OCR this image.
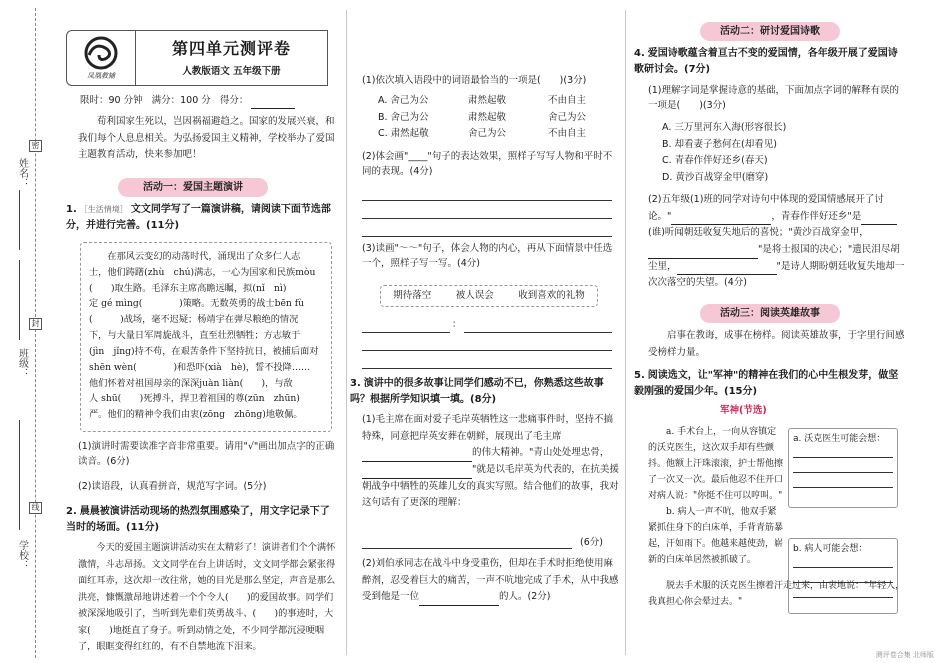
姓名：
班级：
学校：
密
封
线
凤凰教辅
第四单元测评卷
人教版语文 五年级下册
限时：90 分钟 满分：100 分 得分：
荀利国家生死以，岂因祸福避趋之。国家的发展兴衰，和我们每个人息息相关。为弘扬爱国主义精神，学校举办了爱国主题教育活动，快来参加吧！
活动一：爱国主题演讲
1. ［生活情境］ 文文同学写了一篇演讲稿，请阅读下面节选部分，并进行完善。(11分)
在那风云变幻的动荡时代，涌现出了众多仁人志
士，他们踌躇(zhù　chú)满志，一心为国家和民族mòu
(　　)取生路。毛泽东主席高瞻远瞩，拟(nǐ　nì)
定 gé mìng(　　　　)策略。无数英勇的战士bēn fù
(　　　)战场，毫不迟疑；杨靖宇在弹尽粮绝的情况
下，与大量日军周旋战斗，直至壮烈牺牲；方志敏于
(jìn　jǐng)持不苟，在艰苦条件下坚持抗日，被捕后面对
shēn wèn(　　　　)和恐吓(xià　hè)，誓不投降……
他们怀着对祖国母亲的深深juàn liàn(　　)，与敌
人 shū(　　)死搏斗，捍卫着祖国的尊(zūn　zhūn)
严。他们的精神令我们由衷(zōng　zhōng)地敬佩。
(1)演讲时需要读准字音非常重要。请用"√"画出加点字的正确读音。(6分)
(2)读语段，认真看拼音，规范写字词。(5分)
2. 晨晨被演讲活动现场的热烈氛围感染了，用文字记录下了当时的场面。(11分)
今天的爱国主题演讲活动实在太精彩了！演讲者们个个满怀激情，斗志昂扬。文文同学在台上讲话时，文文同学都会紧张得面红耳赤，这次却一改往常，她的目光是那么坚定，声音是那么洪亮，慷慨激昂地讲述着一个个令人(　　)的爱国故事。同学们被深深地吸引了，当听到先辈们英勇战斗、(　　)的事迹时，大家(　　)地挺直了身子。听到动情之处，不少同学都沉浸哽咽了，眼眶变得红红的，有不自禁地流下泪来。
(1)依次填入语段中的词语最恰当的一项是(　　)(3分)
A. 舍己为公	肃然起敬	不由自主
B. 舍己为公	肃然起敬	舍己为公
C. 肃然起敬	舍己为公	不由自主
(2)体会画"____"句子的表达效果，照样子写写人物和平时不同的表现。(4分)
(3)读画"～～"句子，体会人物的内心，再从下面情景中任选一个，照样子写一写。(4分)
期待落空	被人误会	收到喜欢的礼物
：
3. 演讲中的很多故事让同学们感动不已，你熟悉这些故事吗？根据所学知识填一填。(8分)
(1)毛主席在面对爱子毛岸英牺牲这一悲痛事件时，坚持不搞特殊，同意把岸英安葬在朝鲜，展现出了毛主席的伟大精神。"青山处处埋忠骨，"就是以毛岸英为代表的，在抗美援朝战争中牺牲的英雄儿女的真实写照。结合他们的故事，我对这句话有了更深的理解：
(6分)
(2)刘伯承同志在战斗中身受重伤，但却在手术时拒绝使用麻醉剂，忍受着巨大的痛苦，一声不吭地完成了手术，从中我感受到他是一位	的人。(2分)
活动二：研讨爱国诗歌
4. 爱国诗歌蕴含着亘古不变的爱国情，各年级开展了爱国诗歌研讨会。(7分)
(1)理解字词是掌握诗意的基础，下面加点字词的解释有误的一项是(　　)(3分)
A. 三万里河东入海(形容很长)
B. 却看妻子愁何在(却看见)
C. 青春作伴好还乡(春天)
D. 黄沙百战穿金甲(磨穿)
(2)五年级(1)班的同学对诗句中体现的爱国情感展开了讨论。"	，青春作伴好还乡"是(谁)听闻朝廷收复失地后的喜悦；"黄沙百战穿金甲，"是将士报国的决心；"遗民泪尽胡尘里，	"是诗人期盼朝廷收复失地却一次次落空的失望。(4分)
活动三：阅读英雄故事
启事在教诲，成事在榜样。阅读英雄故事，于字里行间感受榜样力量。
5. 阅读选文，让"军神"的精神在我们的心中生根发芽，做坚毅刚强的爱国少年。(15分)
军神(节选)
a. 手术台上，一向从容镇定的沃克医生，这次双手却有些颤抖。他额上汗珠滚滚，护士帮他擦了一次又一次。最后他忍不住开口对病人说："你挺不住可以哼叫。"
b. 病人一声不吭，他双手紧紧抓住身下的白床单，手背青筋暴起，汗如雨下。他越来越使劲，崭新的白床单居然被抓破了。
脱去手术服的沃克医生擦着汗走过来，由衷地说："年轻人，我真担心你会晕过去。"
a. 沃克医生可能会想：
b. 病人可能会想：
测评卷合集 北师版
